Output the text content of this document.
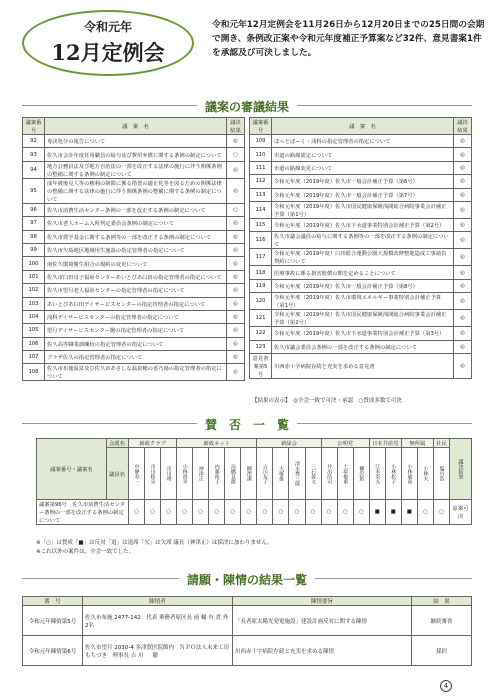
令和元年
12月定例会
令和元年12月定例会を11月26日から12月20日までの25日間の会期で開き、条例改正案や令和元年度補正予算案など32件、意見書案1件を承認及び可決しました。
議案の審議結果
議案番号	議　案　名	議決結果
92	専決処分の報告について	◎
93	佐久市会計年度任用職員の給与及び費用弁償に関する条例の制定について	○
94	地方公務員法及び地方自治法の一部を改正する法律の施行に伴う関係条例の整備に関する条例の制定について	◎
95	成年被後見人等の権利の制限に係る措置の適正化等を図るための関係法律の整備に関する法律の施行に伴う関係条例の整備に関する条例の制定について	◎
96	佐久市消費生活センター条例の一部を改正する条例の制定について	○
97	佐久市老人ホーム入所判定委員会条例の制定について	◎
98	佐久市奨学基金に関する条例等の一部を改正する条例の制定について	◎
99	佐久市矢島地区地域用生施設の指定管理者の指定について	◎
100	南佐久環境衛生組合の規約の変更について	◎
101	佐久市臼田母子福祉センターあいとぴあ臼田の指定管理者の指定について	◎
102	佐久市望月老人福祉センターの指定管理者の指定について	◎
103	あいとぴあ臼田デイサービスセンターの指定管理者の指定について	◎
104	浅科デイサービスセンターの指定管理者の指定について	◎
105	望月デイサービスセンター駒の指定管理者の指定について	◎
106	佐久高等職業訓練校の指定管理者の指定について	◎
107	プラザ佐久の指定管理者の指定について	◎
108	佐久市布施温泉及び佐久市あさしな温泉穂の香乃湯の指定管理者の指定について	◎
議案番号	議　案　名	議決結果
109	ほっとぱーく・浅科の指定管理者の指定について	◎
110	市道の路線認定について	◎
111	市道の路線変更について	◎
112	令和元年度（2019年度）佐久市一般会計補正予算（第6号）	◎
113	令和元年度（2019年度）佐久市一般会計補正予算（第7号）	◎
114	令和元年度（2019年度）佐久市国民健康保険浅間総合病院事業会計補正予算（第1号）	◎
115	令和元年度（2019年度）佐久市下水道事業特別会計補正予算（第2号）	◎
116	佐久市議会議員の給与に関する条例等の一部を改正する条例の制定について	◎
117	令和元年度（2019年度）臼田総合運動公園大規模改修整地造成工事請負契約について	◎
118	医療事故に係る損害賠償の額を定めることについて	◎
119	令和元年度（2019年度）佐久市一般会計補正予算（第8号）	◎
120	令和元年度（2019年度）佐久市環境エネルギー事業特別会計補正予算（第1号）	◎
121	令和元年度（2019年度）佐久市国民健康保険浅間総合病院事業会計補正予算（第2号）	◎
122	令和元年度（2019年度）佐久市下水道事業特別会計補正予算（第3号）	◎
123	佐久市議会委員会条例の一部を改正する条例の制定について	◎
意見書案第5号	川西赤十字病院存続と充実を求める意見書	◎
【結果の表示】　◎全会一致で可決・承認　○賛成多数で可決
賛　否　一　覧
議案番号・議案名	会派名	新政クラブ			新政ネット					新緑会				公明党			日本共産党		無所属		社民	議決結果
	議員名	中條寿一	市川稔宣	市川将	小林貴幸	神津正	内藤祐子	高橋良衛	柳澤潔	吉川友子	大塚雄	清水秀三郎	三石義文	井出浩司	土屋俊重	柳沢篤	江本英夫	小林松子	小林歳春	小林夫	塩川浩	
議案第96号　佐久市消費生活センター条例の一部を改正する条例の制定について		○	○	○	○	○	○	○	○	○	○	○	○	○	○	○	■	■	■	○	○	原案可決
※「○」は賛成「■」は反対「退」は退席「欠」は欠席 議長（神津正）は採決に加わりません。
※これ以外の案件は、全会一致でした。
請願・陳情の結果一覧
番　号	陳情者	陳情要旨	結　果
令和元年陳情第5号	佐久市布施 2477-142　代表 乗務者原区長 前 輪 有 責 外2名	「長者原太陽光発電施設」建設計画反対に関する陳情	継続審査
令和元年陳情第6号	佐久市望月 2030-4 多津賀医院館内　ＮＰＯ法人未来工房もちづき　理事長 吉 川 　 徹	川西赤十字病院存続と充実を求める陳情	採択
4
